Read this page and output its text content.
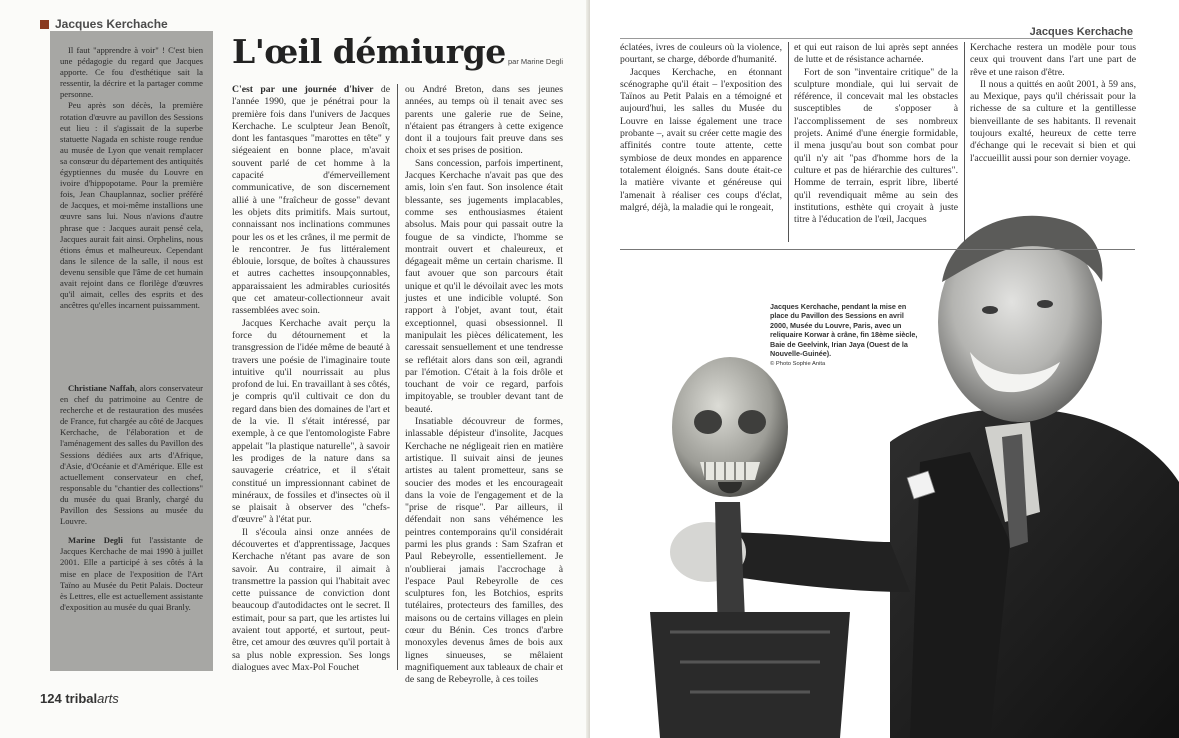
Jacques Kerchache

Il faut "apprendre à voir" ! C'est bien une pédagogie du regard que Jacques apporte. Ce fou d'esthétique sait la ressentir, la décrire et la partager comme personne.

Peu après son décès, la première rotation d'œuvre au pavillon des Sessions eut lieu : il s'agissait de la superbe statuette Nagada en schiste rouge rendue au musée de Lyon que venait remplacer sa consœur du département des antiquités égyptiennes du musée du Louvre en ivoire d'hippopotame. Pour la première fois, Jean Chauplannaz, soclier préféré de Jacques, et moi-même installions une œuvre sans lui. Nous n'avions d'autre phrase que : Jacques aurait pensé cela, Jacques aurait fait ainsi. Orphelins, nous étions émus et malheureux. Cependant dans le silence de la salle, il nous est devenu sensible que l'âme de cet humain avait rejoint dans ce florilège d'œuvres qu'il aimait, celles des esprits et des ancêtres qu'elles incarnent puissamment.

Christiane Naffah, alors conservateur en chef du patrimoine au Centre de recherche et de restauration des musées de France, fut chargée au côté de Jacques Kerchache, de l'élaboration et de l'aménagement des salles du Pavillon des Sessions dédiées aux arts d'Afrique, d'Asie, d'Océanie et d'Amérique. Elle est actuellement conservateur en chef, responsable du "chantier des collections" du musée du quai Branly, chargé du Pavillon des Sessions au musée du Louvre.

Marine Degli fut l'assistante de Jacques Kerchache de mai 1990 à juillet 2001. Elle a participé à ses côtés à la mise en place de l'exposition de l'Art Taïno au Musée du Petit Palais. Docteur ès Lettres, elle est actuellement assistante d'exposition au musée du quai Branly.

L'œil démiurge par Marine Degli

C'est par une journée d'hiver de l'année 1990, que je pénétrai pour la première fois dans l'univers de Jacques Kerchache. Le sculpteur Jean Benoît, dont les fantasques "marottes en tête" y siégeaient en bonne place, m'avait souvent parlé de cet homme à la capacité d'émerveillement communicative, de son discernement allié à une "fraîcheur de gosse" devant les objets dits primitifs. Mais surtout, connaissant nos inclinations communes pour les os et les crânes, il me permit de le rencontrer. Je fus littéralement éblouie, lorsque, de boîtes à chaussures et autres cachettes insoupçonnables, apparaissaient les admirables curiosités que cet amateur-collectionneur avait rassemblées avec soin.

Jacques Kerchache avait perçu la force du détournement et la transgression de l'idée même de beauté à travers une poésie de l'imaginaire toute intuitive qu'il nourrissait au plus profond de lui. En travaillant à ses côtés, je compris qu'il cultivait ce don du regard dans bien des domaines de l'art et de la vie. Il s'était intéressé, par exemple, à ce que l'entomologiste Fabre appelait "la plastique naturelle", à savoir les prodiges de la nature dans sa sauvagerie créatrice, et il s'était constitué un impressionnant cabinet de minéraux, de fossiles et d'insectes où il se plaisait à observer des "chefs-d'œuvre" à l'état pur.

Il s'écoula ainsi onze années de découvertes et d'apprentissage, Jacques Kerchache n'étant pas avare de son savoir. Au contraire, il aimait à transmettre la passion qui l'habitait avec cette puissance de conviction dont beaucoup d'autodidactes ont le secret. Il estimait, pour sa part, que les artistes lui avaient tout apporté, et surtout, peut-être, cet amour des œuvres qu'il portait à sa plus noble expression. Ses longs dialogues avec Max-Pol Fouchet

ou André Breton, dans ses jeunes années, au temps où il tenait avec ses parents une galerie rue de Seine, n'étaient pas étrangers à cette exigence dont il a toujours fait preuve dans ses choix et ses prises de position.

Sans concession, parfois impertinent, Jacques Kerchache n'avait pas que des amis, loin s'en faut. Son insolence était blessante, ses jugements implacables, comme ses enthousiasmes étaient absolus. Mais pour qui passait outre la fougue de sa vindicte, l'homme se montrait ouvert et chaleureux, et dégageait même un certain charisme. Il faut avouer que son parcours était unique et qu'il le dévoilait avec les mots justes et une indicible volupté. Son rapport à l'objet, avant tout, était exceptionnel, quasi obsessionnel. Il manipulait les pièces délicatement, les caressait sensuellement et une tendresse se reflétait alors dans son œil, agrandi par l'émotion. C'était à la fois drôle et touchant de voir ce regard, parfois impitoyable, se troubler devant tant de beauté.

Insatiable découvreur de formes, inlassable dépisteur d'insolite, Jacques Kerchache ne négligeait rien en matière artistique. Il suivait ainsi de jeunes artistes au talent prometteur, sans se soucier des modes et les encourageait dans la voie de l'engagement et de la "prise de risque". Par ailleurs, il défendait non sans véhémence les peintres contemporains qu'il considérait parmi les plus grands : Sam Szafran et Paul Rebeyrolle, essentiellement. Je n'oublierai jamais l'accrochage à l'espace Paul Rebeyrolle de ces sculptures fon, les Botchios, esprits tutélaires, protecteurs des familles, des maisons ou de certains villages en plein cœur du Bénin. Ces troncs d'arbre monoxyles devenus âmes de bois aux lignes sinueuses, se mêlaient magnifiquement aux tableaux de chair et de sang de Rebeyrolle, à ces toiles

124 tribalarts
Jacques Kerchache

éclatées, ivres de couleurs où la violence, pourtant, se charge, déborde d'humanité.

Jacques Kerchache, en étonnant scénographe qu'il était – l'exposition des Taïnos au Petit Palais en a témoigné et aujourd'hui, les salles du Musée du Louvre en laisse également une trace probante –, avait su créer cette magie des affinités contre toute attente, cette symbiose de deux mondes en apparence totalement éloignés. Sans doute était-ce la matière vivante et généreuse qui l'amenait à réaliser ces coups d'éclat, malgré, déjà, la maladie qui le rongeait,

et qui eut raison de lui après sept années de lutte et de résistance acharnée.

Fort de son "inventaire critique" de la sculpture mondiale, qui lui servait de référence, il concevait mal les obstacles susceptibles de s'opposer à l'accomplissement de ses nombreux projets. Animé d'une énergie formidable, il mena jusqu'au bout son combat pour qu'il n'y ait "pas d'homme hors de la culture et pas de hiérarchie des cultures". Homme de terrain, esprit libre, liberté qu'il revendiquait même au sein des institutions, esthète qui croyait à juste titre à l'éducation de l'œil, Jacques

Kerchache restera un modèle pour tous ceux qui trouvent dans l'art une part de rêve et une raison d'être.

Il nous a quittés en août 2001, à 59 ans, au Mexique, pays qu'il chérissait pour la richesse de sa culture et la gentillesse bienveillante de ses habitants. Il revenait toujours exalté, heureux de cette terre d'échange qui le recevait si bien et qui l'accueillit aussi pour son dernier voyage.

Jacques Kerchache, pendant la mise en place du Pavillon des Sessions en avril 2000, Musée du Louvre, Paris, avec un reliquaire Korwar à crâne, fin 18ème siècle, Baie de Geelvink, Irian Jaya (Ouest de la Nouvelle-Guinée).
© Photo Sophie Anita
